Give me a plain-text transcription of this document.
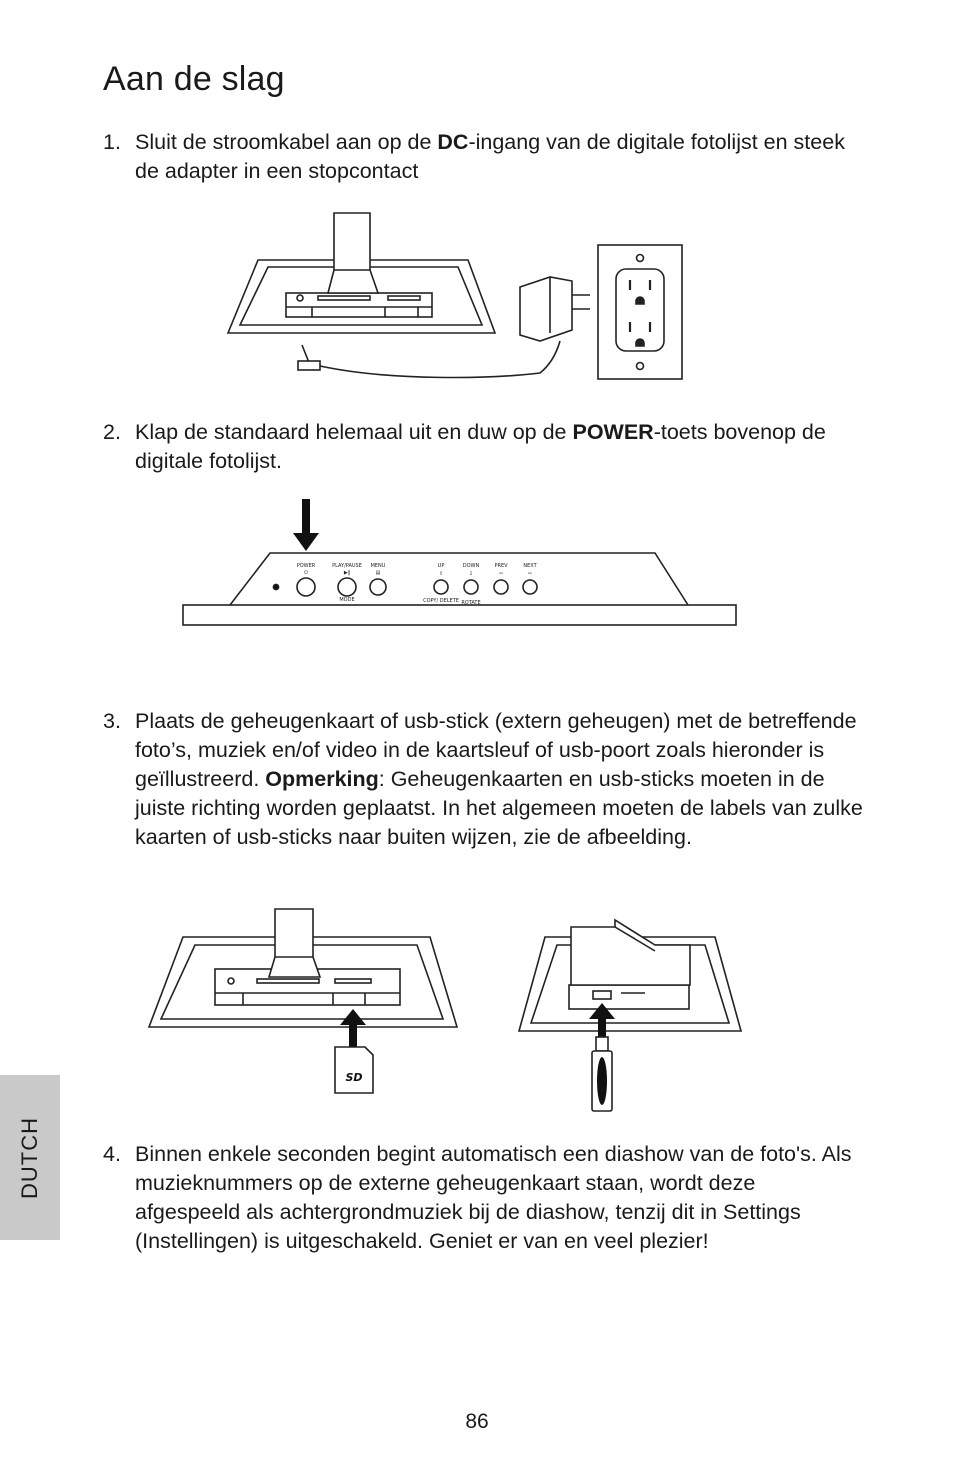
Aan de slag

1. Sluit de stroomkabel aan op de DC-ingang van de digitale fotolijst en steek de adapter in een stopcontact

2. Klap de standaard helemaal uit en duw op de POWER-toets bovenop de digitale fotolijst.

POWER
⏻
PLAY/PAUSE
▶‖
MODE
MENU
▤
UP
⇧
COPY/ DELETE
DOWN
⇩
ROTATE
PREV
⇦
NEXT
⇨

3. Plaats de geheugenkaart of usb-stick (extern geheugen) met de betreffende foto’s, muziek en/of video in de kaartsleuf of usb-poort zoals hieronder is geïllustreerd. Opmerking: Geheugenkaarten en usb-sticks moeten in de juiste richting worden geplaatst. In het algemeen moeten de labels van zulke kaarten of usb-sticks naar buiten wijzen, zie de afbeelding.

SD

4. Binnen enkele seconden begint automatisch een diashow van de foto's. Als muzieknummers op de externe geheugenkaart staan, wordt deze afgespeeld als achtergrondmuziek bij de diashow, tenzij dit in Settings (Instellingen) is uitgeschakeld. Geniet er van en veel plezier!

DUTCH
86
